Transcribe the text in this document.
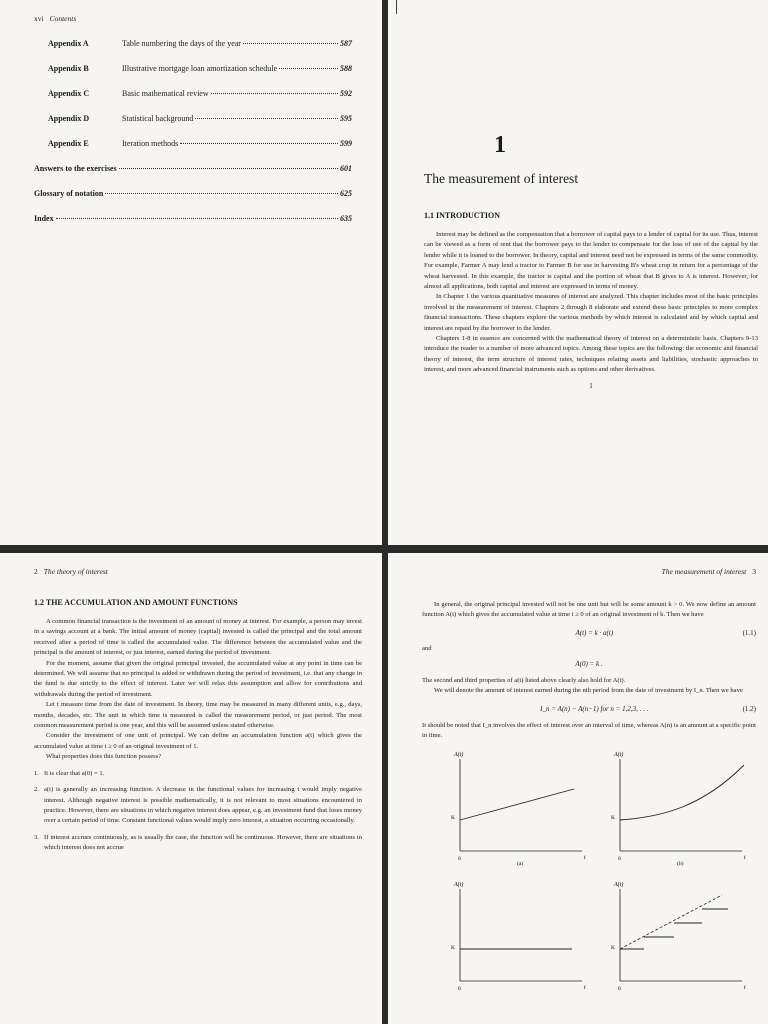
xvi Contents
Appendix A	Table numbering the days of the year	587
Appendix B	Illustrative mortgage loan amortization schedule	588
Appendix C	Basic mathematical review	592
Appendix D	Statistical background	595
Appendix E	Iteration methods	599
Answers to the exercises	601
Glossary of notation	625
Index	635
1
The measurement of interest
1.1 INTRODUCTION

Interest may be defined as the compensation that a borrower of capital pays to a lender of capital for its use. Thus, interest can be viewed as a form of rent that the borrower pays to the lender to compensate for the loss of use of the capital by the lender while it is loaned to the borrower. In theory, capital and interest need not be expressed in terms of the same commodity. For example, Farmer A may lend a tractor to Farmer B for use in harvesting B's wheat crop in return for a percentage of the wheat harvested. In this example, the tractor is capital and the portion of wheat that B gives to A is interest. However, for almost all applications, both capital and interest are expressed in terms of money.

In Chapter 1 the various quantitative measures of interest are analyzed. This chapter includes most of the basic principles involved in the measurement of interest. Chapters 2 through 8 elaborate and extend these basic principles to more complex financial transactions. These chapters explore the various methods by which interest is calculated and by which capital and interest are repaid by the borrower to the lender.

Chapters 1-8 in essence are concerned with the mathematical theory of interest on a deterministic basis. Chapters 9-13 introduce the reader to a number of more advanced topics. Among these topics are the following: the economic and financial theory of interest, the term structure of interest rates, techniques relating assets and liabilities, stochastic approaches to interest, and more advanced financial instruments such as options and other derivatives.

1
2 The theory of interest
1.2 THE ACCUMULATION AND AMOUNT FUNCTIONS

A common financial transaction is the investment of an amount of money at interest. For example, a person may invest in a savings account at a bank. The initial amount of money (capital) invested is called the principal and the total amount received after a period of time is called the accumulated value. The difference between the accumulated value and the principal is the amount of interest, or just interest, earned during the period of investment.

For the moment, assume that given the original principal invested, the accumulated value at any point in time can be determined. We will assume that no principal is added or withdrawn during the period of investment, i.e. that any change in the fund is due strictly to the effect of interest. Later we will relax this assumption and allow for contributions and withdrawals during the period of investment.

Let t measure time from the date of investment. In theory, time may be measured in many different units, e.g., days, months, decades, etc. The unit in which time is measured is called the measurement period, or just period. The most common measurement period is one year, and this will be assumed unless stated otherwise.

Consider the investment of one unit of principal. We can define an accumulation function a(t) which gives the accumulated value at time t ≥ 0 of an original investment of 1.

What properties does this function possess?

1. It is clear that a(0) = 1.
2. a(t) is generally an increasing function. A decrease in the functional values for increasing t would imply negative interest. Although negative interest is possible mathematically, it is not relevant to most situations encountered in practice. However, there are situations in which negative interest does appear, e.g. an investment fund that loses money over a certain period of time. Constant functional values would imply zero interest, a situation occurring occasionally.
3. If interest accrues continuously, as is usually the case, the function will be continuous. However, there are situations in which interest does not accrue
The measurement of interest 3

In general, the original principal invested will not be one unit but will be some amount k > 0. We now define an amount function A(t) which gives the accumulated value at time t ≥ 0 of an original investment of k. Then we have

A(t) = k · a(t)	(1.1)
and
A(0) = k .

The second and third properties of a(t) listed above clearly also hold for A(t).

We will denote the amount of interest earned during the nth period from the date of investment by I_n. Then we have

I_n = A(n) − A(n−1) for n = 1,2,3, . . .	(1.2)

It should be noted that I_n involves the effect of interest over an interval of time, whereas A(n) is an amount at a specific point in time.

A(t)
t
0
K
(a)
A(t)
t
0
K
(b)
A(t)
t
0
K
A(t)
t
0
K
